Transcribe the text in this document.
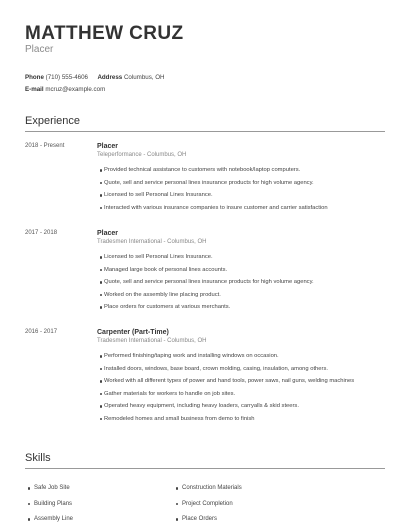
MATTHEW CRUZ
Placer
Phone (710) 555-4606 Address Columbus, OH
E-mail mcruz@example.com
Experience
2018 - Present	Placer
Teleperformance - Columbus, OH
Provided technical assistance to customers with notebook/laptop computers.
Quote, sell and service personal lines insurance products for high volume agency.
Licensed to sell Personal Lines Insurance.
Interacted with various insurance companies to insure customer and carrier satisfaction
2017 - 2018	Placer
Tradesmen International - Columbus, OH
Licensed to sell Personal Lines Insurance.
Managed large book of personal lines accounts.
Quote, sell and service personal lines insurance products for high volume agency.
Worked on the assembly line placing product.
Place orders for customers at various merchants.
2016 - 2017	Carpenter (Part-Time)
Tradesmen International - Columbus, OH
Performed finishing/taping work and installing windows on occasion.
Installed doors, windows, base board, crown molding, casing, insulation, among others.
Worked with all different types of power and hand tools, power saws, nail guns, welding machines
Gather materials for workers to handle on job sites.
Operated heavy equipment, including heavy loaders, carryalls & skid steers.
Remodeled homes and small business from demo to finish
Skills
Safe Job Site
Building Plans
Assembly Line
Construction Materials
Project Completion
Place Orders
